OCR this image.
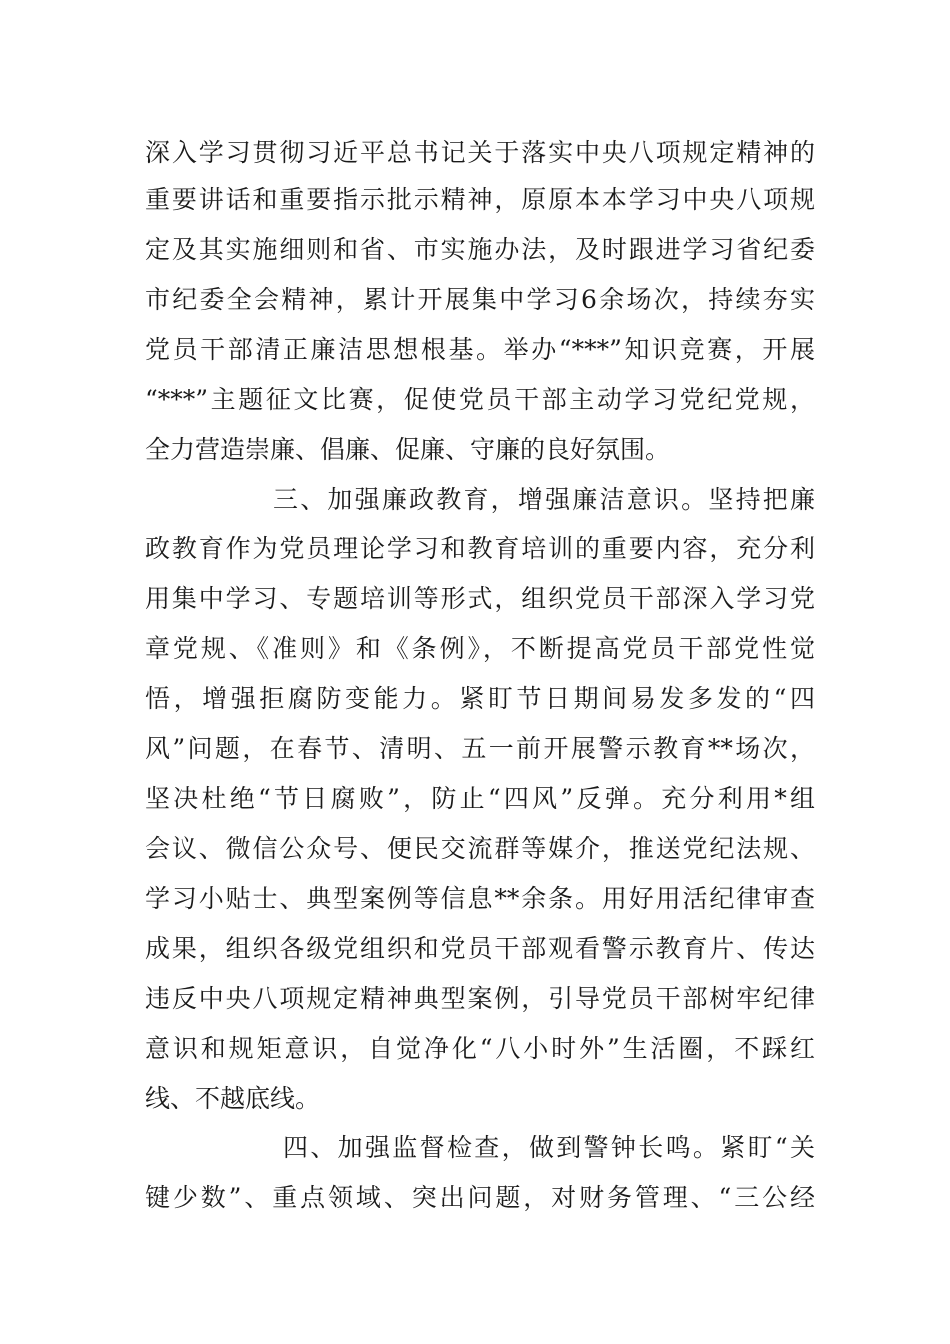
深入学习贯彻习近平总书记关于落实中央八项规定精神的
重要讲话和重要指示批示精神，原原本本学习中央八项规
定及其实施细则和省、市实施办法，及时跟进学习省纪委
市纪委全会精神，累计开展集中学习6余场次，持续夯实
党员干部清正廉洁思想根基。举办“***”知识竞赛，开展
“***”主题征文比赛，促使党员干部主动学习党纪党规，
全力营造崇廉、倡廉、促廉、守廉的良好氛围。
三、加强廉政教育，增强廉洁意识。坚持把廉
政教育作为党员理论学习和教育培训的重要内容，充分利
用集中学习、专题培训等形式，组织党员干部深入学习党
章党规、《准则》和《条例》，不断提高党员干部党性觉
悟，增强拒腐防变能力。紧盯节日期间易发多发的“四
风”问题，在春节、清明、五一前开展警示教育**场次，
坚决杜绝“节日腐败”，防止“四风”反弹。充分利用*组
会议、微信公众号、便民交流群等媒介，推送党纪法规、
学习小贴士、典型案例等信息**余条。用好用活纪律审查
成果，组织各级党组织和党员干部观看警示教育片、传达
违反中央八项规定精神典型案例，引导党员干部树牢纪律
意识和规矩意识，自觉净化“八小时外”生活圈，不踩红
线、不越底线。
四、加强监督检查，做到警钟长鸣。紧盯“关
键少数”、重点领域、突出问题，对财务管理、“三公经
